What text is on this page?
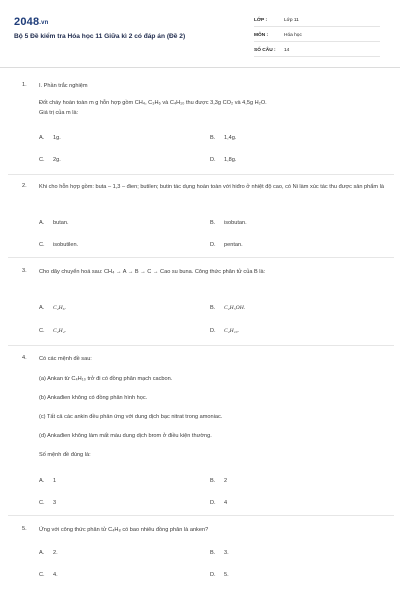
2048.vn
Bộ 5 Đề kiểm tra Hóa học 11 Giữa kì 2 có đáp án (Đề 2)
LỚP :	Lớp 11
MÔN :	Hóa học
SỐ CÂU : 14
1. I. Phần trắc nghiệm
Đốt cháy hoàn toàn m g hỗn hợp gồm CH₄, C₃H₆ và C₄H₁₀ thu được 3,3g CO₂ và 4,5g H₂O.
Giá trị của m là:
A. 1g.	B. 1,4g.
C. 2g.	D. 1,8g.
2. Khi cho hỗn hợp gồm: buta – 1,3 – đien; butilen; butin tác dụng hoàn toàn với hiđro ở nhiệt độ cao, có Ni làm xúc tác thu được sản phẩm là
A. butan.	B. isobutan.
C. isobutilen.	D. pentan.
3. Cho dãy chuyển hoá sau: CH₄ → A → B → C → Cao su buna. Công thức phân tử của B là:
A. C₄H₆.	B. C₂H₅OH.
C. C₄H₄.	D. C₄H₁₀.
4. Có các mệnh đề sau:
(a) Ankan từ C₄H₁₀ trở đi có đồng phân mạch cacbon.
(b) Ankađien không có đồng phân hình học.
(c) Tất cả các ankin đều phản ứng với dung dịch bạc nitrat trong amoniac.
(d) Ankađien không làm mất màu dung dịch brom ở điều kiện thường.
Số mệnh đề đúng là:
A. 1	B. 2
C. 3	D. 4
5. Ứng với công thức phân tử C₄H₈ có bao nhiêu đồng phân là anken?
A. 2.	B. 3.
C. 4.	D. 5.
